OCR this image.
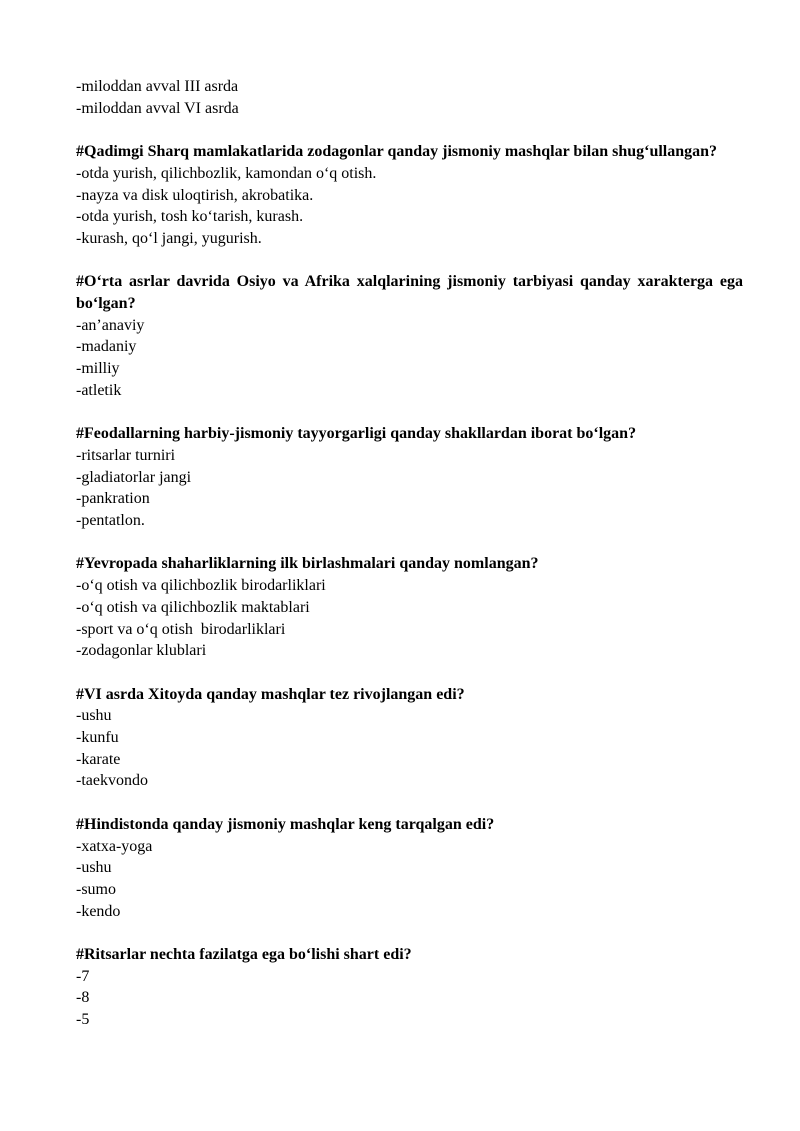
-miloddan avval III asrda
-miloddan avval VI asrda
#Qadimgi Sharq mamlakatlarida zodagonlar qanday jismoniy mashqlar bilan shug‘ullangan?
-otda yurish, qilichbozlik, kamondan o‘q otish.
-nayza va disk uloqtirish, akrobatika.
-otda yurish, tosh ko‘tarish, kurash.
-kurash, qo‘l jangi, yugurish.
#O‘rta asrlar davrida Osiyo va Afrika xalqlarining jismoniy tarbiyasi qanday xarakterga ega bo‘lgan?
-an’anaviy
-madaniy
-milliy
-atletik
#Feodallarning harbiy-jismoniy tayyorgarligi qanday shakllardan iborat bo‘lgan?
-ritsarlar turniri
-gladiatorlar jangi
-pankration
-pentatlon.
#Yevropada shaharliklarning ilk birlashmalari qanday nomlangan?
-o‘q otish va qilichbozlik birodarliklari
-o‘q otish va qilichbozlik maktablari
-sport va o‘q otish  birodarliklari
-zodagonlar klublari
#VI asrda Xitoyda qanday mashqlar tez rivojlangan edi?
-ushu
-kunfu
-karate
-taekvondo
#Hindistonda qanday jismoniy mashqlar keng tarqalgan edi?
-xatxa-yoga
-ushu
-sumo
-kendo
#Ritsarlar nechta fazilatga ega bo‘lishi shart edi?
-7
-8
-5
